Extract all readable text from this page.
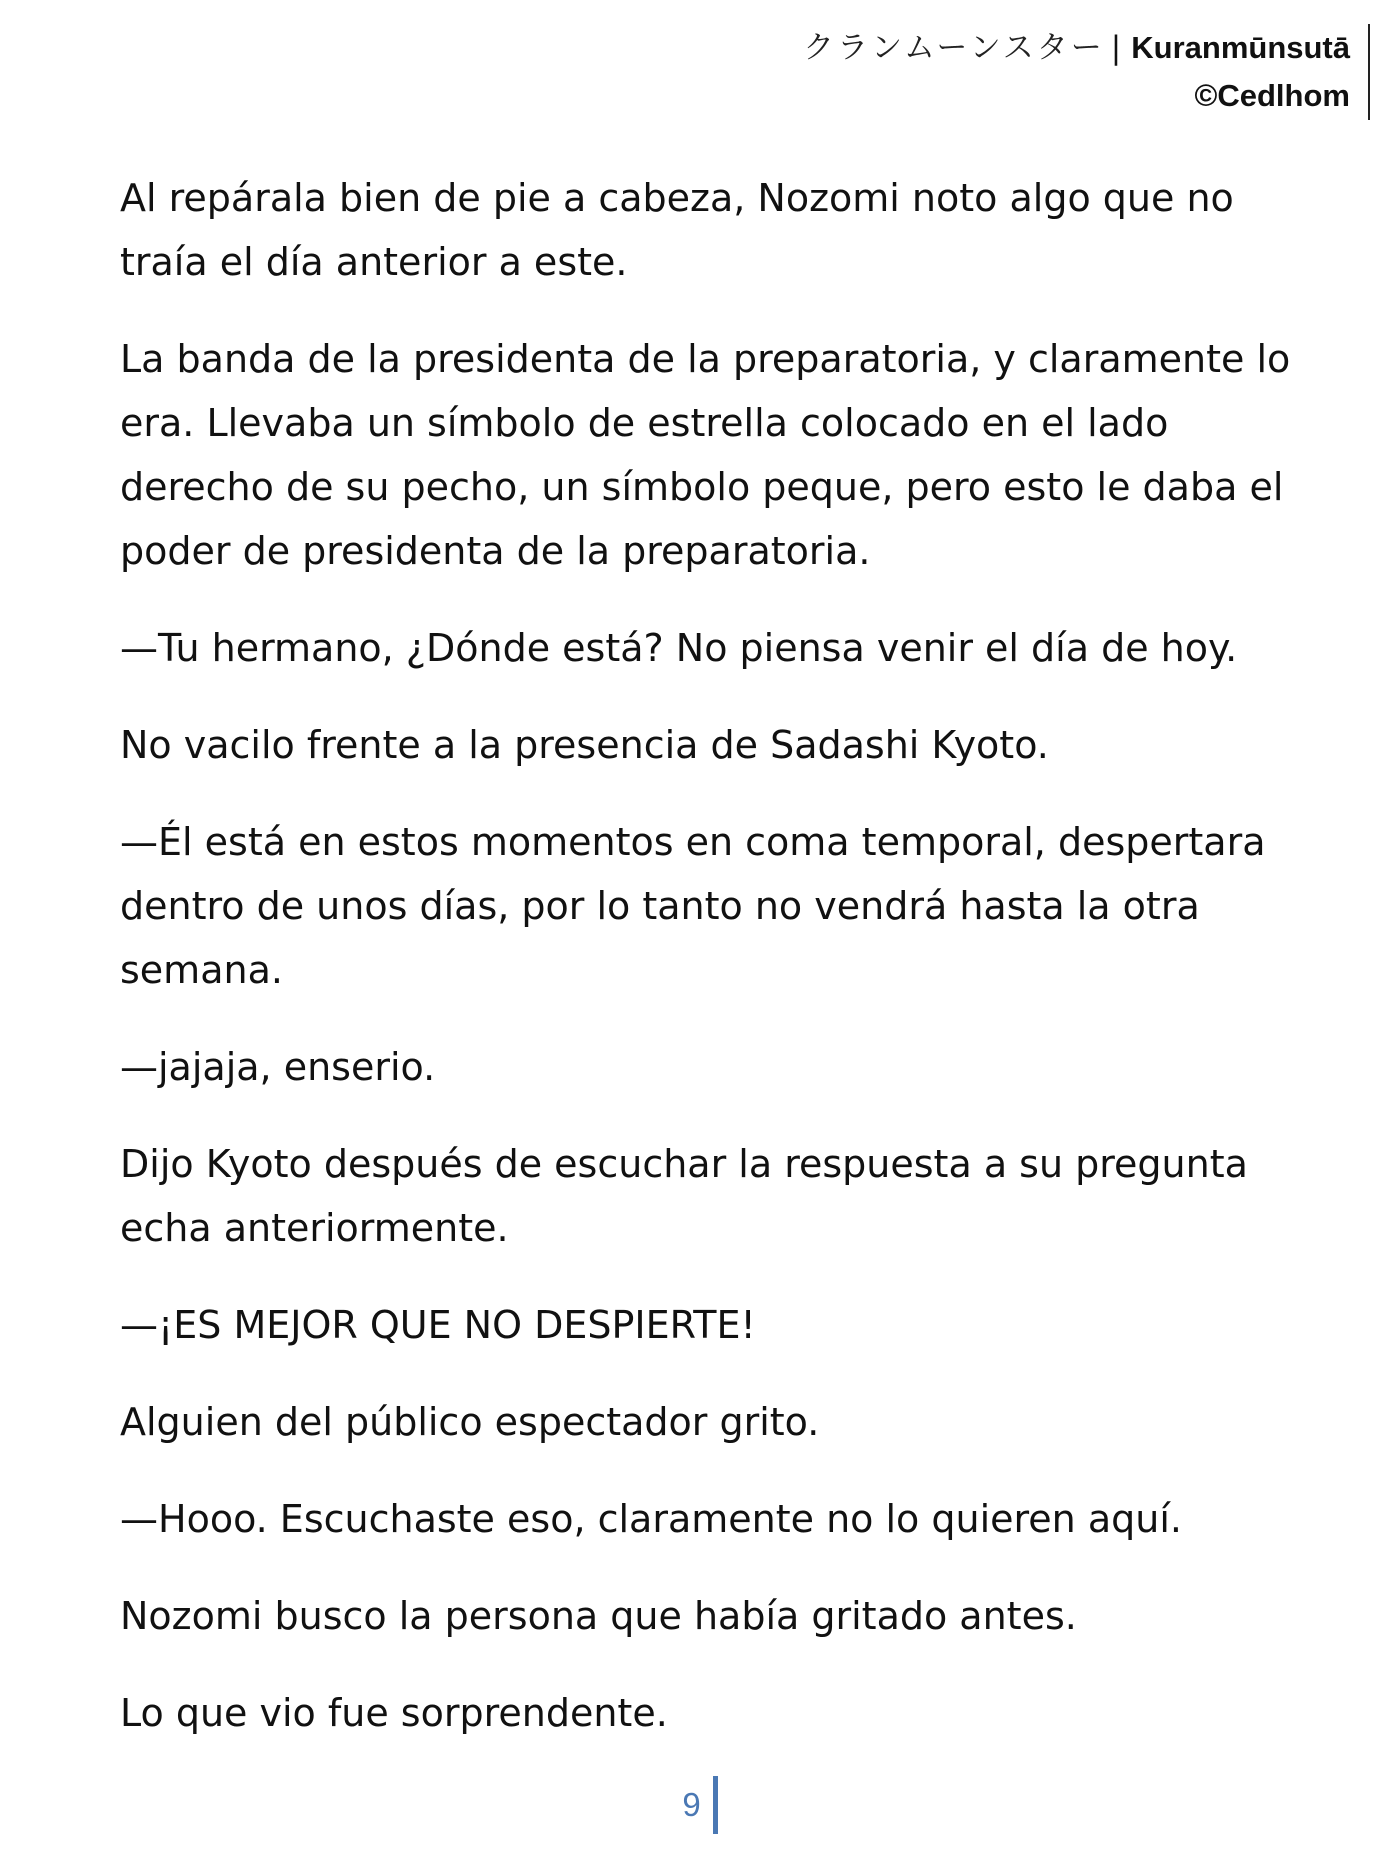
クランムーンスター | Kuranmūnsutā
©Cedlhom

Al repárala bien de pie a cabeza, Nozomi noto algo que no traía el día anterior a este.

La banda de la presidenta de la preparatoria, y claramente lo era. Llevaba un símbolo de estrella colocado en el lado derecho de su pecho, un símbolo peque, pero esto le daba el poder de presidenta de la preparatoria.

—Tu hermano, ¿Dónde está? No piensa venir el día de hoy.

No vacilo frente a la presencia de Sadashi Kyoto.

—Él está en estos momentos en coma temporal, despertara dentro de unos días, por lo tanto no vendrá hasta la otra semana.

—jajaja, enserio.

Dijo Kyoto después de escuchar la respuesta a su pregunta echa anteriormente.

—¡ES MEJOR QUE NO DESPIERTE!

Alguien del público espectador grito.

—Hooo. Escuchaste eso, claramente no lo quieren aquí.

Nozomi busco la persona que había gritado antes.

Lo que vio fue sorprendente.

9
